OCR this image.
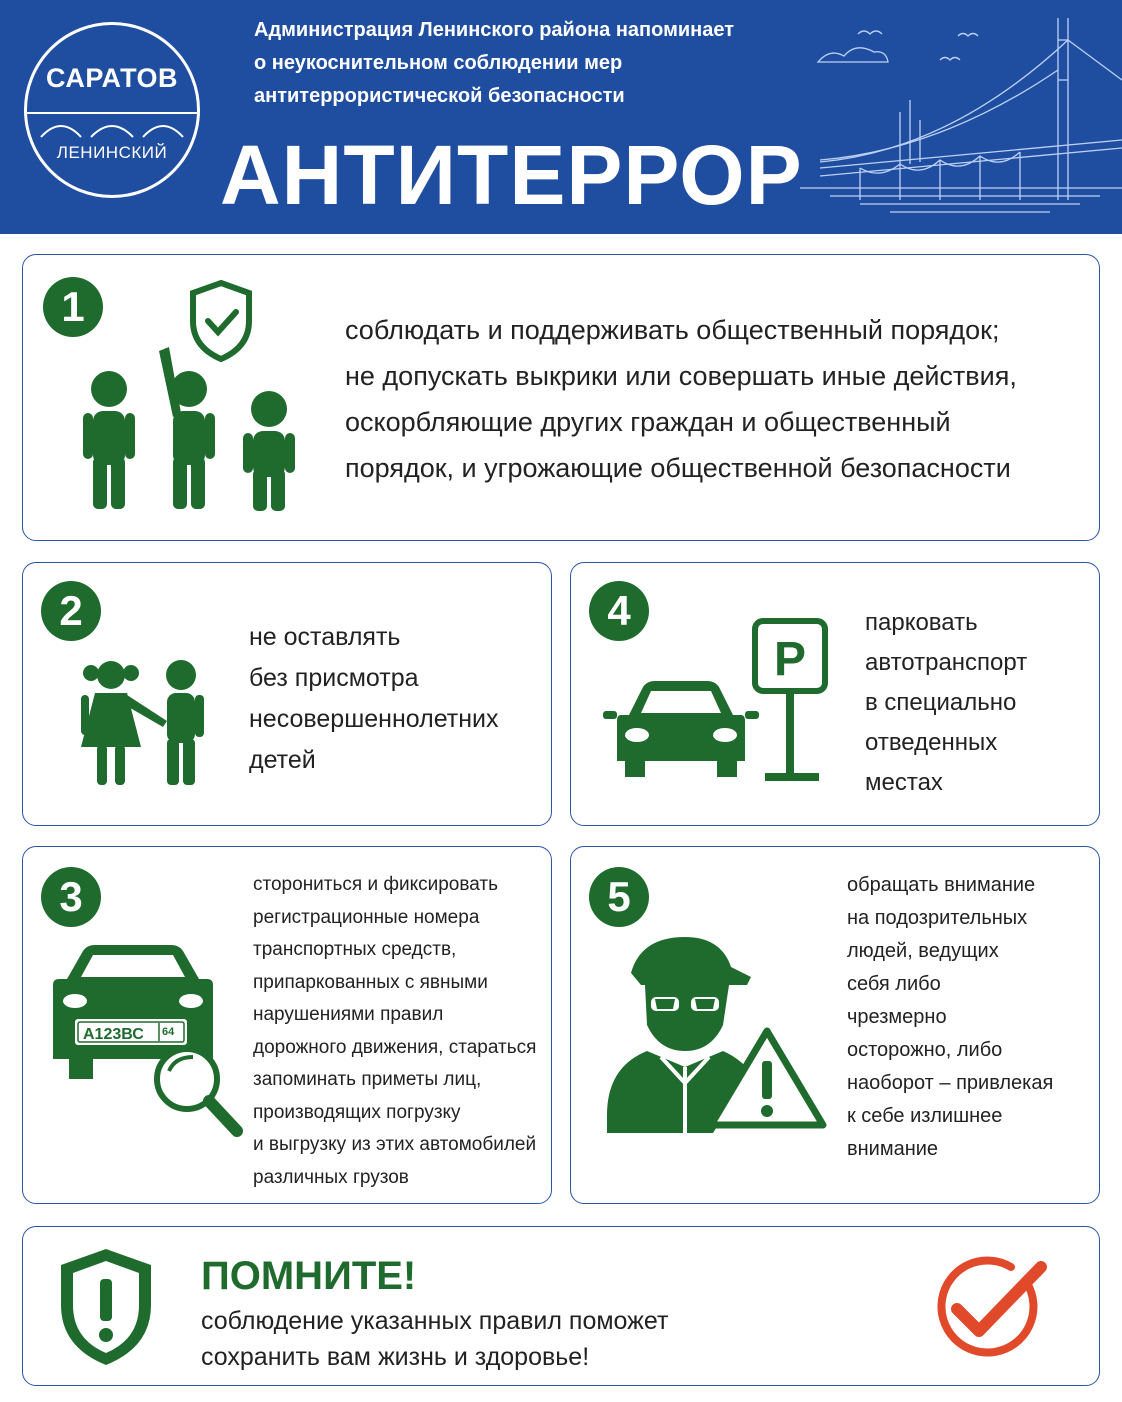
САРАТОВ
ЛЕНИНСКИЙ
Администрация Ленинского района напоминает
о неукоснительном соблюдении мер
антитеррористической безопасности
АНТИТЕРРОР
1	соблюдать и поддерживать общественный порядок;
не допускать выкрики или совершать иные действия,
оскорбляющие других граждан и общественный
порядок, и угрожающие общественной безопасности
2
не оставлять
без присмотра
несовершеннолетних
детей
4
P
парковать
автотранспорт
в специально
отведенных
местах
3
А123ВС 64
сторониться и фиксировать
регистрационные номера
транспортных средств,
припаркованных с явными
нарушениями правил
дорожного движения, стараться
запоминать приметы лиц,
производящих погрузку
и выгрузку из этих автомобилей
различных грузов
5	обращать внимание
на подозрительных
людей, ведущих
себя либо
чрезмерно
осторожно, либо
наоборот – привлекая
к себе излишнее
внимание
ПОМНИТЕ!
соблюдение указанных правил поможет
сохранить вам жизнь и здоровье!
